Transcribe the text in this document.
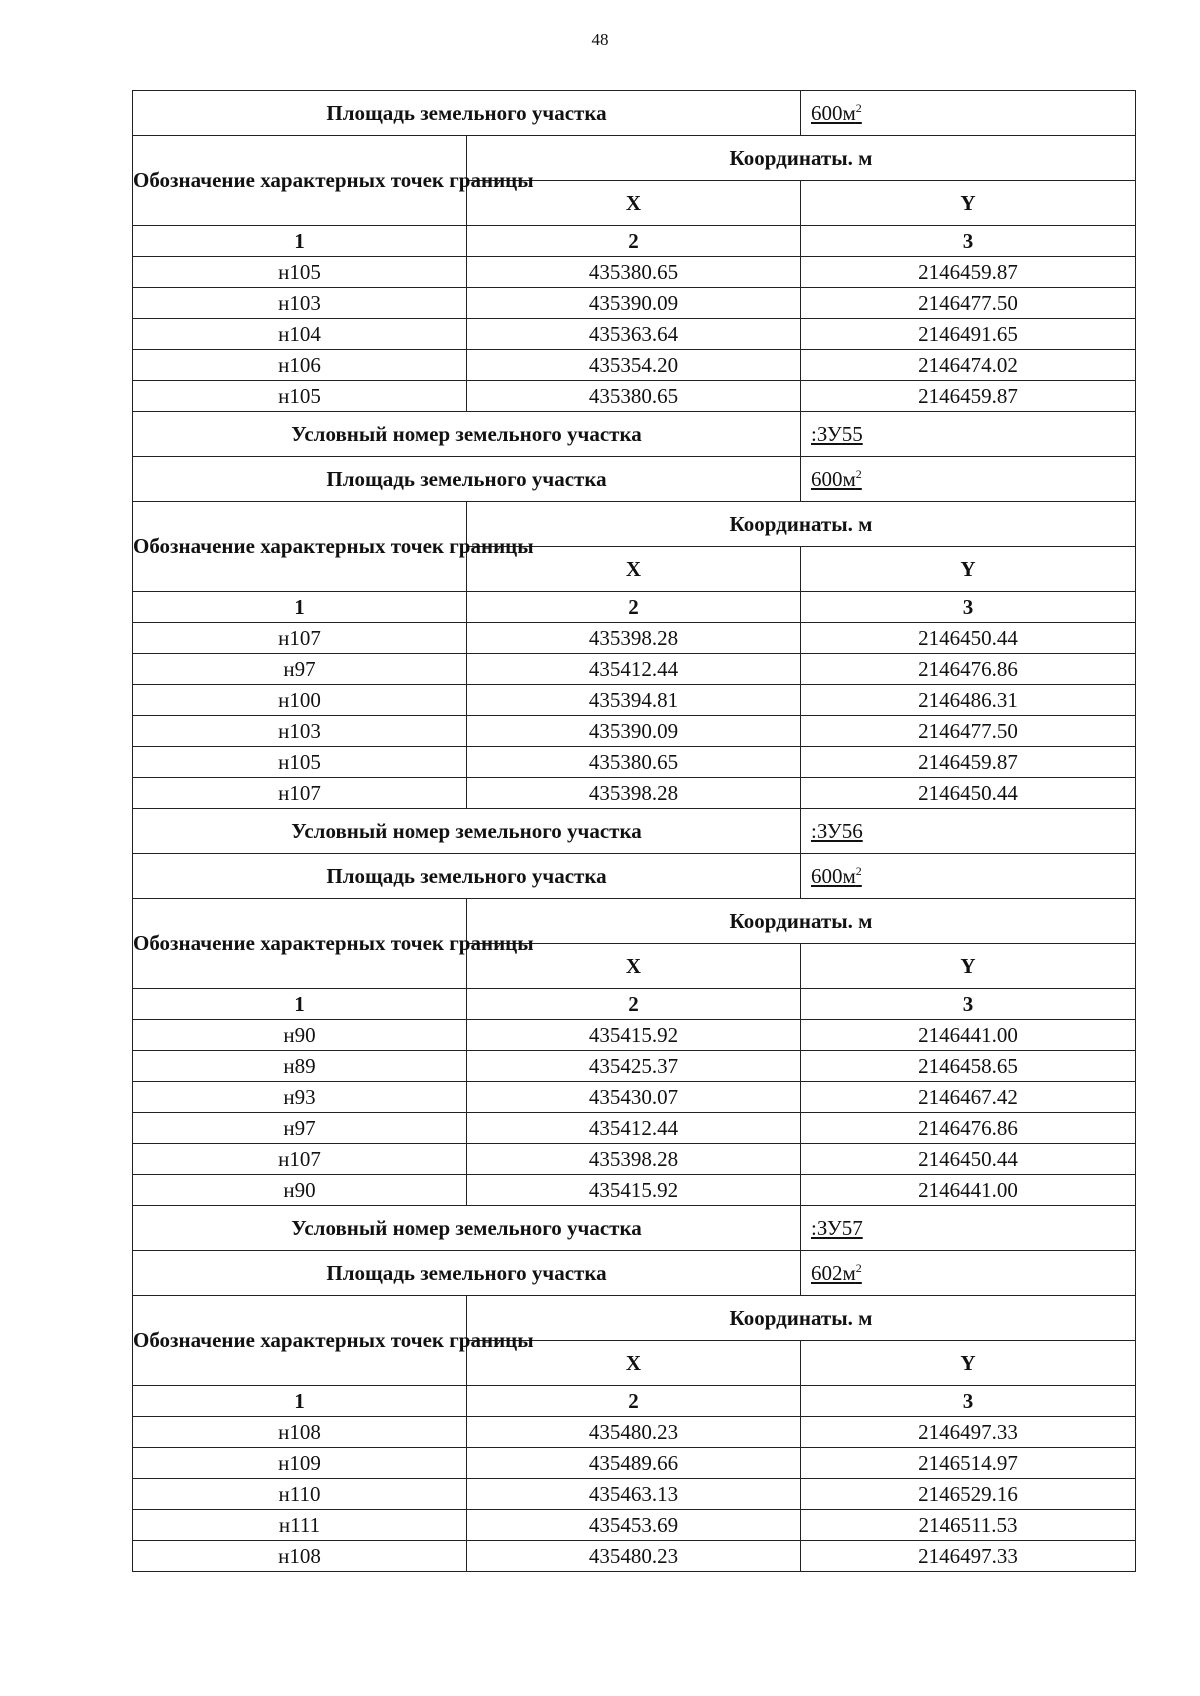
48
Площадь земельного участка		$600м^2$
Обозначение характерных точек границы	Координаты. м	
	X	Y
1	2	3
н105	435380.65	2146459.87
н103	435390.09	2146477.50
н104	435363.64	2146491.65
н106	435354.20	2146474.02
н105	435380.65	2146459.87
Условный номер земельного участка		:ЗУ55
Площадь земельного участка		$600м^2$
Обозначение характерных точек границы	Координаты. м	
	X	Y
1	2	3
н107	435398.28	2146450.44
н97	435412.44	2146476.86
н100	435394.81	2146486.31
н103	435390.09	2146477.50
н105	435380.65	2146459.87
н107	435398.28	2146450.44
Условный номер земельного участка		:ЗУ56
Площадь земельного участка		$600м^2$
Обозначение характерных точек границы	Координаты. м	
	X	Y
1	2	3
н90	435415.92	2146441.00
н89	435425.37	2146458.65
н93	435430.07	2146467.42
н97	435412.44	2146476.86
н107	435398.28	2146450.44
н90	435415.92	2146441.00
Условный номер земельного участка		:ЗУ57
Площадь земельного участка		$602м^2$
Обозначение характерных точек границы	Координаты. м	
	X	Y
1	2	3
н108	435480.23	2146497.33
н109	435489.66	2146514.97
н110	435463.13	2146529.16
н111	435453.69	2146511.53
н108	435480.23	2146497.33
